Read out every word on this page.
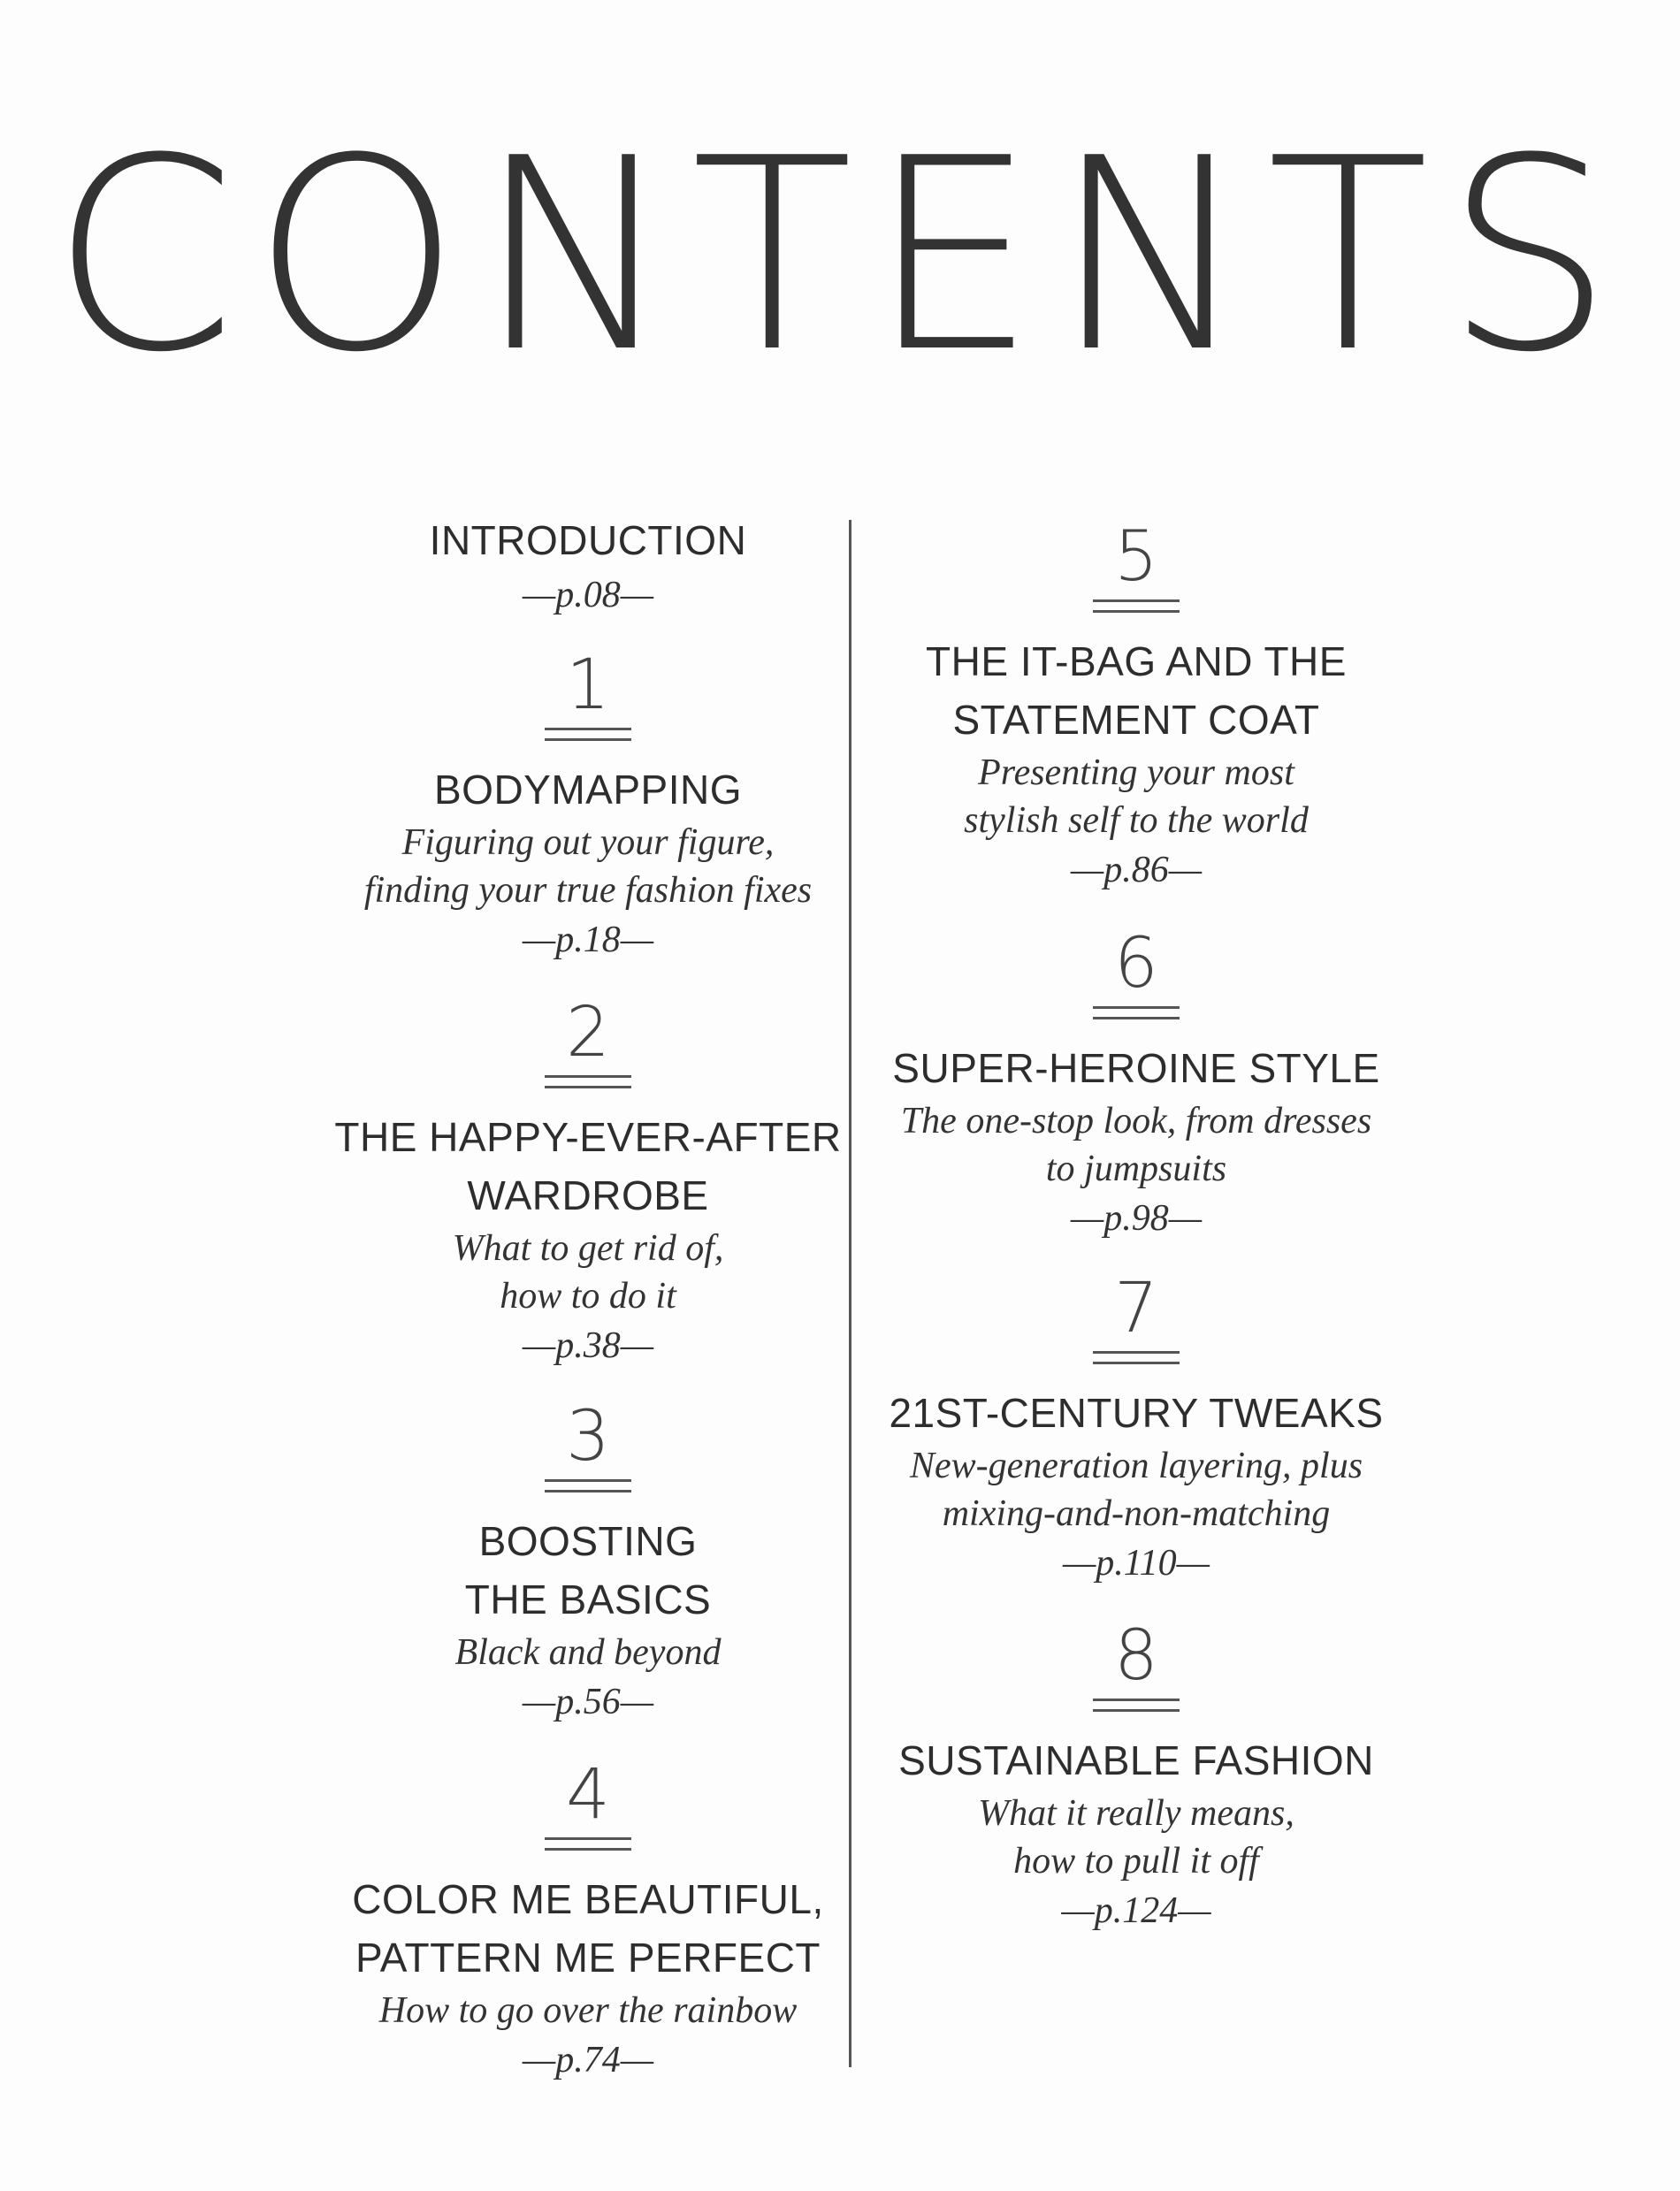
CONTENTS
INTRODUCTION
—p.08—
1
BODYMAPPING
Figuring out your figure,
finding your true fashion fixes
—p.18—
2
THE HAPPY-EVER-AFTER
WARDROBE
What to get rid of,
how to do it
—p.38—
3
BOOSTING
THE BASICS
Black and beyond
—p.56—
4
COLOR ME BEAUTIFUL,
PATTERN ME PERFECT
How to go over the rainbow
—p.74—
5
THE IT-BAG AND THE
STATEMENT COAT
Presenting your most
stylish self to the world
—p.86—
6
SUPER-HEROINE STYLE
The one-stop look, from dresses
to jumpsuits
—p.98—
7
21ST-CENTURY TWEAKS
New-generation layering, plus
mixing-and-non-matching
—p.110—
8
SUSTAINABLE FASHION
What it really means,
how to pull it off
—p.124—
